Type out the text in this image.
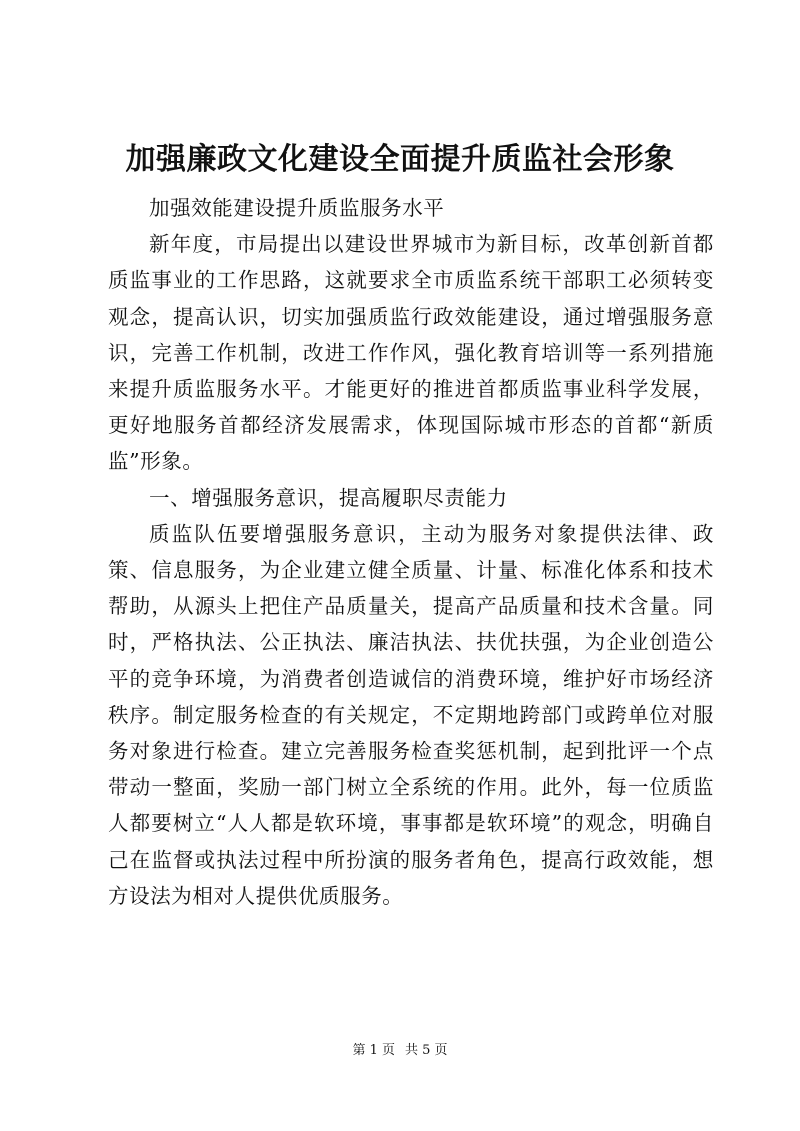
加强廉政文化建设全面提升质监社会形象

加强效能建设提升质监服务水平

新年度，市局提出以建设世界城市为新目标，改革创新首都质监事业的工作思路，这就要求全市质监系统干部职工必须转变观念，提高认识，切实加强质监行政效能建设，通过增强服务意识，完善工作机制，改进工作作风，强化教育培训等一系列措施来提升质监服务水平。才能更好的推进首都质监事业科学发展，更好地服务首都经济发展需求，体现国际城市形态的首都“新质监”形象。

一、增强服务意识，提高履职尽责能力

质监队伍要增强服务意识，主动为服务对象提供法律、政策、信息服务，为企业建立健全质量、计量、标准化体系和技术帮助，从源头上把住产品质量关，提高产品质量和技术含量。同时，严格执法、公正执法、廉洁执法、扶优扶强，为企业创造公平的竞争环境，为消费者创造诚信的消费环境，维护好市场经济秩序。制定服务检查的有关规定，不定期地跨部门或跨单位对服务对象进行检查。建立完善服务检查奖惩机制，起到批评一个点带动一整面，奖励一部门树立全系统的作用。此外，每一位质监人都要树立“人人都是软环境，事事都是软环境”的观念，明确自己在监督或执法过程中所扮演的服务者角色，提高行政效能，想方设法为相对人提供优质服务。

第 1 页 共 5 页
